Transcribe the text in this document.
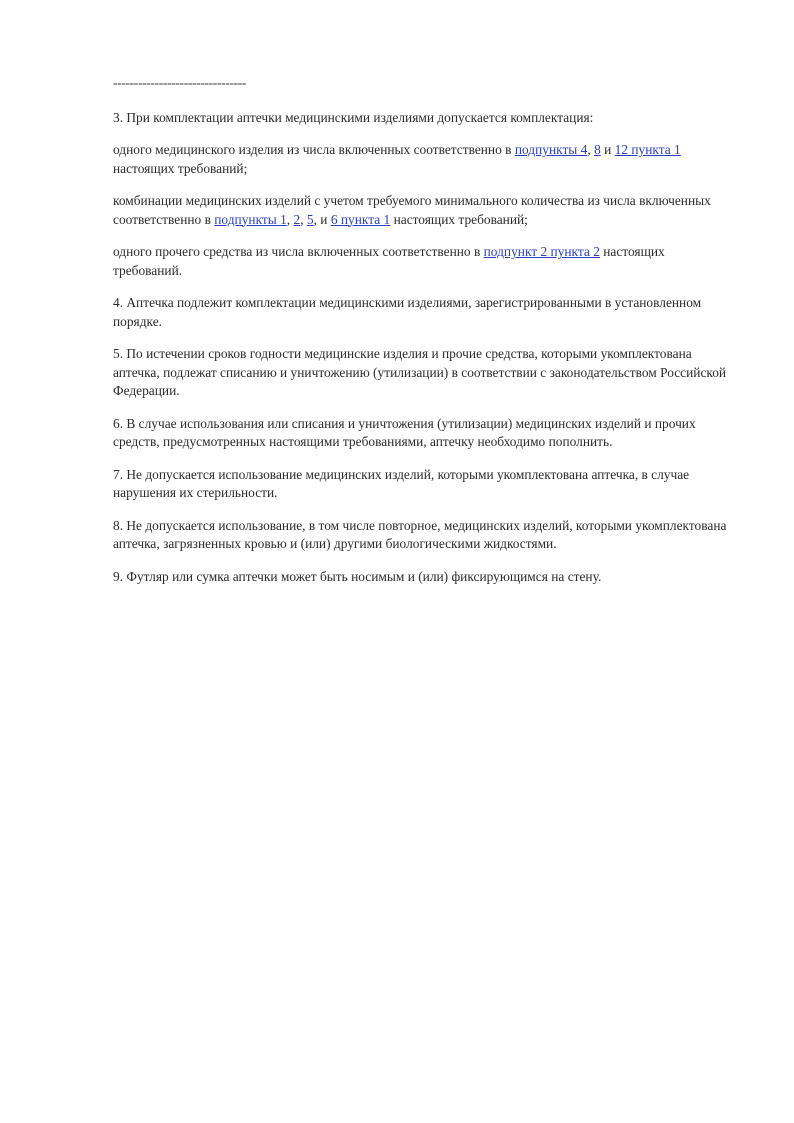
--------------------------------

3. При комплектации аптечки медицинскими изделиями допускается комплектация:

одного медицинского изделия из числа включенных соответственно в подпункты 4, 8 и 12 пункта 1 настоящих требований;

комбинации медицинских изделий с учетом требуемого минимального количества из числа включенных соответственно в подпункты 1, 2, 5, и 6 пункта 1 настоящих требований;

одного прочего средства из числа включенных соответственно в подпункт 2 пункта 2 настоящих требований.

4. Аптечка подлежит комплектации медицинскими изделиями, зарегистрированными в установленном порядке.

5. По истечении сроков годности медицинские изделия и прочие средства, которыми укомплектована аптечка, подлежат списанию и уничтожению (утилизации) в соответствии с законодательством Российской Федерации.

6. В случае использования или списания и уничтожения (утилизации) медицинских изделий и прочих средств, предусмотренных настоящими требованиями, аптечку необходимо пополнить.

7. Не допускается использование медицинских изделий, которыми укомплектована аптечка, в случае нарушения их стерильности.

8. Не допускается использование, в том числе повторное, медицинских изделий, которыми укомплектована аптечка, загрязненных кровью и (или) другими биологическими жидкостями.

9. Футляр или сумка аптечки может быть носимым и (или) фиксирующимся на стену.
